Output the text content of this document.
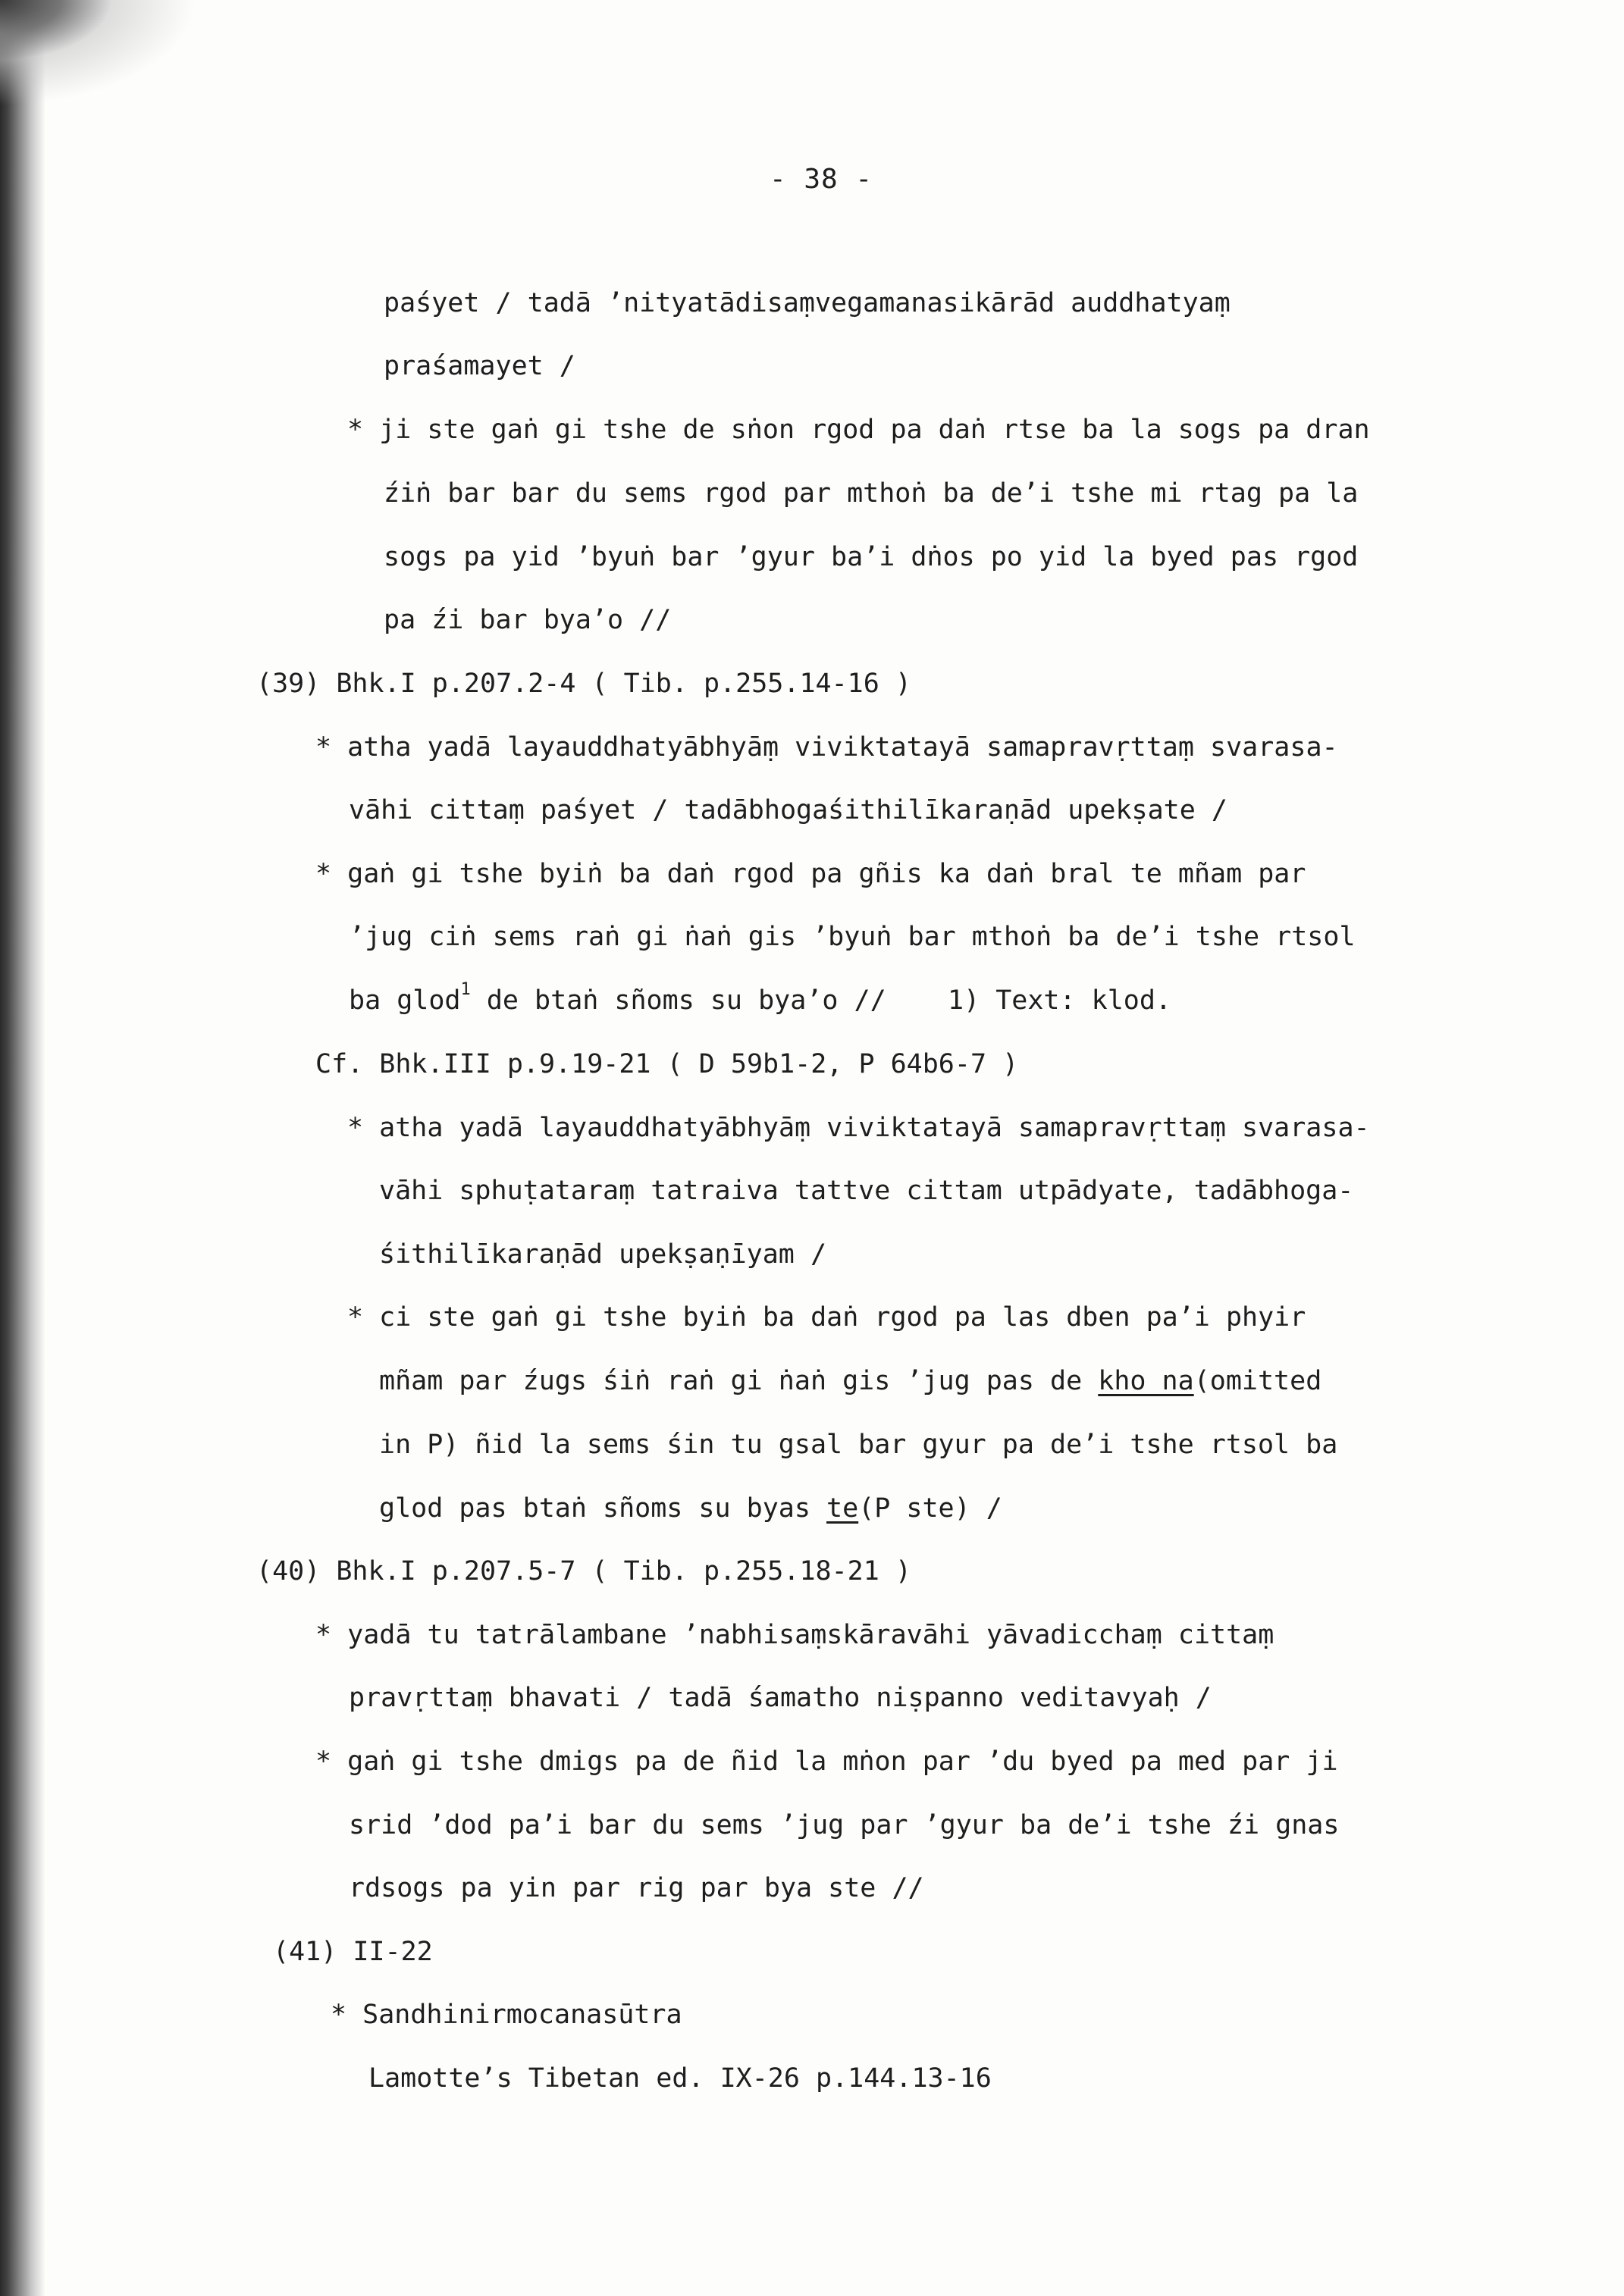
- 38 -
paśyet / tadā ʼnityatādisaṃvegamanasikārād auddhatyaṃ
praśamayet /
* ji ste gaṅ gi tshe de sṅon rgod pa daṅ rtse ba la sogs pa dran
źiṅ bar bar du sems rgod par mthoṅ ba deʼi tshe mi rtag pa la
sogs pa yid ʼbyuṅ bar ʼgyur baʼi dṅos po yid la byed pas rgod
pa źi bar byaʼo //
(39) Bhk.I p.207.2-4 ( Tib. p.255.14-16 )
* atha yadā layauddhatyābhyāṃ viviktatayā samapravṛttaṃ svarasa-
vāhi cittaṃ paśyet / tadābhogaśithilīkaraṇād upekṣate /
* gaṅ gi tshe byiṅ ba daṅ rgod pa gñis ka daṅ bral te mñam par
ʼjug ciṅ sems raṅ gi ṅaṅ gis ʼbyuṅ bar mthoṅ ba deʼi tshe rtsol
ba glod$^1$ de btaṅ sñoms su byaʼo // 1) Text: klod.
Cf. Bhk.III p.9.19-21 ( D 59b1-2, P 64b6-7 )
* atha yadā layauddhatyābhyāṃ viviktatayā samapravṛttaṃ svarasa-
vāhi sphuṭataraṃ tatraiva tattve cittam utpādyate, tadābhoga-
śithilīkaraṇād upekṣaṇīyam /
* ci ste gaṅ gi tshe byiṅ ba daṅ rgod pa las dben paʼi phyir
mñam par źugs śiṅ raṅ gi ṅaṅ gis ʼjug pas de kho na(omitted
in P) ñid la sems śin tu gsal bar gyur pa deʼi tshe rtsol ba
glod pas btaṅ sñoms su byas te(P ste) /
(40) Bhk.I p.207.5-7 ( Tib. p.255.18-21 )
* yadā tu tatrālambane ʼnabhisaṃskāravāhi yāvadicchaṃ cittaṃ
pravṛttaṃ bhavati / tadā śamatho niṣpanno veditavyaḥ /
* gaṅ gi tshe dmigs pa de ñid la mṅon par ʼdu byed pa med par ji
srid ʼdod paʼi bar du sems ʼjug par ʼgyur ba deʼi tshe źi gnas
rdsogs pa yin par rig par bya ste //
(41) II-22
* Sandhinirmocanasūtra
Lamotteʼs Tibetan ed. IX-26 p.144.13-16
